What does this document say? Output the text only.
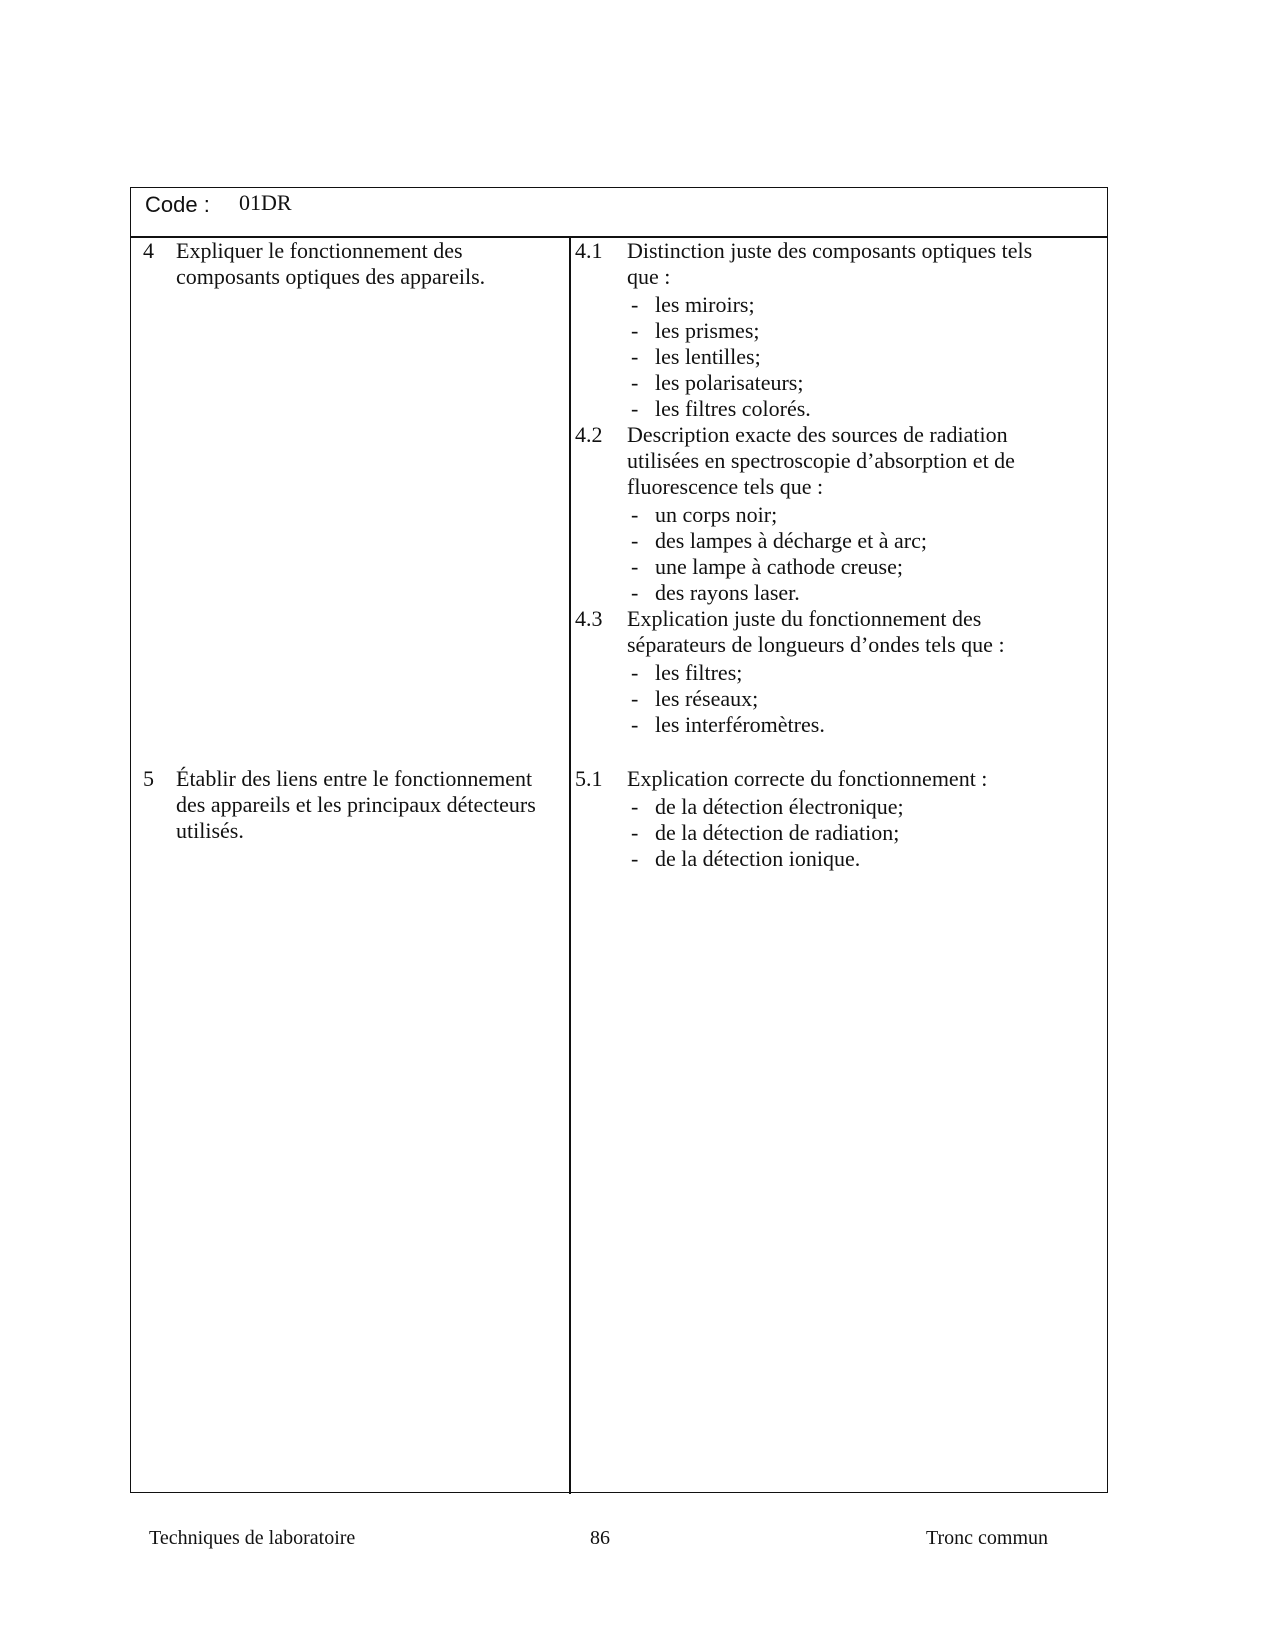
Code : 01DR
4 Expliquer le fonctionnement des composants optiques des appareils.
4.1 Distinction juste des composants optiques tels que :
- les miroirs;
- les prismes;
- les lentilles;
- les polarisateurs;
- les filtres colorés.
4.2 Description exacte des sources de radiation utilisées en spectroscopie d’absorption et de fluorescence tels que :
- un corps noir;
- des lampes à décharge et à arc;
- une lampe à cathode creuse;
- des rayons laser.
4.3 Explication juste du fonctionnement des séparateurs de longueurs d’ondes tels que :
- les filtres;
- les réseaux;
- les interféromètres.
5 Établir des liens entre le fonctionnement des appareils et les principaux détecteurs utilisés.
5.1 Explication correcte du fonctionnement :
- de la détection électronique;
- de la détection de radiation;
- de la détection ionique.
Techniques de laboratoire	86	Tronc commun
